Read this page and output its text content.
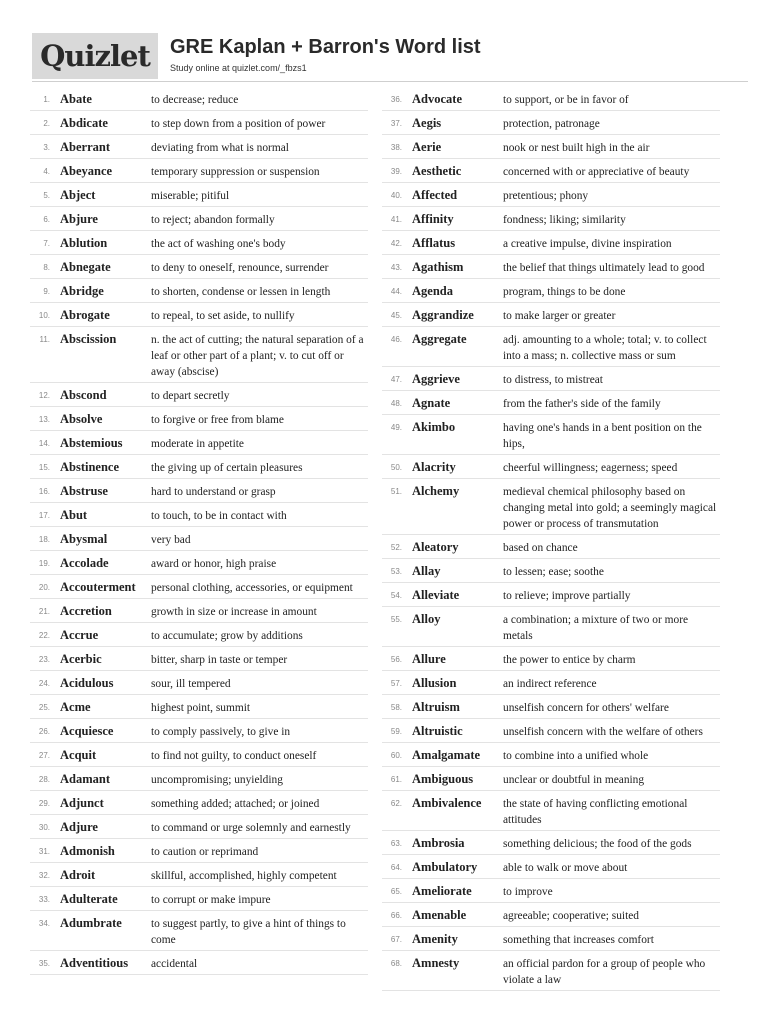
Quizlet	GRE Kaplan + Barron's Word list
Study online at quizlet.com/_fbzs1
1. Abate	to decrease; reduce
2. Abdicate	to step down from a position of power
3. Aberrant	deviating from what is normal
4. Abeyance	temporary suppression or suspension
5. Abject	miserable; pitiful
6. Abjure	to reject; abandon formally
7. Ablution	the act of washing one's body
8. Abnegate	to deny to oneself, renounce, surrender
9. Abridge	to shorten, condense or lessen in length
10. Abrogate	to repeal, to set aside, to nullify
11. Abscission	n. the act of cutting; the natural separation of a leaf or other part of a plant; v. to cut off or away (abscise)
12. Abscond	to depart secretly
13. Absolve	to forgive or free from blame
14. Abstemious	moderate in appetite
15. Abstinence	the giving up of certain pleasures
16. Abstruse	hard to understand or grasp
17. Abut	to touch, to be in contact with
18. Abysmal	very bad
19. Accolade	award or honor, high praise
20. Accouterment	personal clothing, accessories, or equipment
21. Accretion	growth in size or increase in amount
22. Accrue	to accumulate; grow by additions
23. Acerbic	bitter, sharp in taste or temper
24. Acidulous	sour, ill tempered
25. Acme	highest point, summit
26. Acquiesce	to comply passively, to give in
27. Acquit	to find not guilty, to conduct oneself
28. Adamant	uncompromising; unyielding
29. Adjunct	something added; attached; or joined
30. Adjure	to command or urge solemnly and earnestly
31. Admonish	to caution or reprimand
32. Adroit	skillful, accomplished, highly competent
33. Adulterate	to corrupt or make impure
34. Adumbrate	to suggest partly, to give a hint of things to come
35. Adventitious	accidental
36. Advocate	to support, or be in favor of
37. Aegis	protection, patronage
38. Aerie	nook or nest built high in the air
39. Aesthetic	concerned with or appreciative of beauty
40. Affected	pretentious; phony
41. Affinity	fondness; liking; similarity
42. Afflatus	a creative impulse, divine inspiration
43. Agathism	the belief that things ultimately lead to good
44. Agenda	program, things to be done
45. Aggrandize	to make larger or greater
46. Aggregate	adj. amounting to a whole; total; v. to collect into a mass; n. collective mass or sum
47. Aggrieve	to distress, to mistreat
48. Agnate	from the father's side of the family
49. Akimbo	having one's hands in a bent position on the hips,
50. Alacrity	cheerful willingness; eagerness; speed
51. Alchemy	medieval chemical philosophy based on changing metal into gold; a seemingly magical power or process of transmutation
52. Aleatory	based on chance
53. Allay	to lessen; ease; soothe
54. Alleviate	to relieve; improve partially
55. Alloy	a combination; a mixture of two or more metals
56. Allure	the power to entice by charm
57. Allusion	an indirect reference
58. Altruism	unselfish concern for others' welfare
59. Altruistic	unselfish concern with the welfare of others
60. Amalgamate	to combine into a unified whole
61. Ambiguous	unclear or doubtful in meaning
62. Ambivalence	the state of having conflicting emotional attitudes
63. Ambrosia	something delicious; the food of the gods
64. Ambulatory	able to walk or move about
65. Ameliorate	to improve
66. Amenable	agreeable; cooperative; suited
67. Amenity	something that increases comfort
68. Amnesty	an official pardon for a group of people who violate a law
